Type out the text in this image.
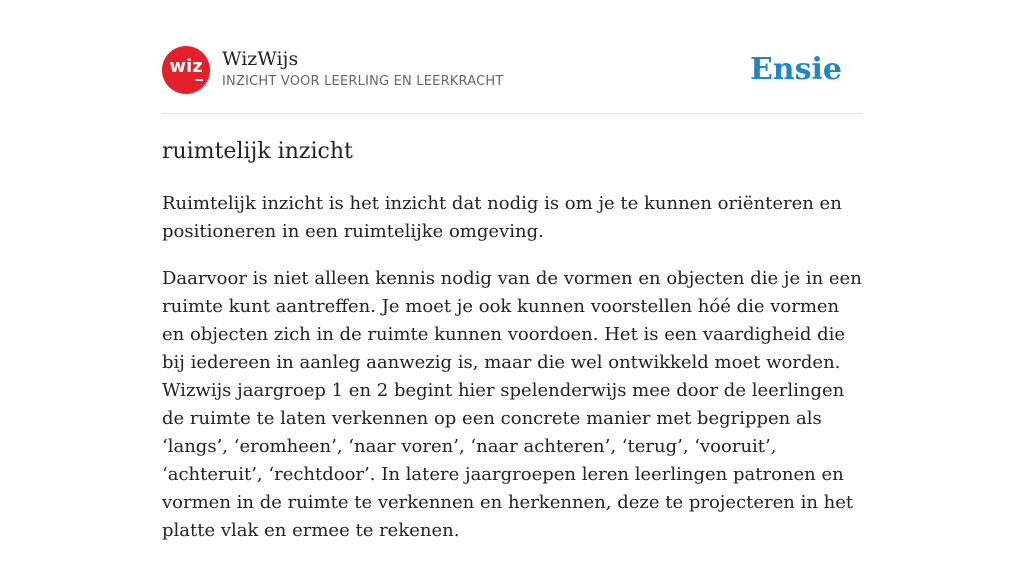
wiz	WizWijs
INZICHT VOOR LEERLING EN LEERKRACHT	Ensie
ruimtelijk inzicht

Ruimtelijk inzicht is het inzicht dat nodig is om je te kunnen oriënteren en positioneren in een ruimtelijke omgeving.

Daarvoor is niet alleen kennis nodig van de vormen en objecten die je in een ruimte kunt aantreffen. Je moet je ook kunnen voorstellen hóé die vormen en objecten zich in de ruimte kunnen voordoen. Het is een vaardigheid die bij iedereen in aanleg aanwezig is, maar die wel ontwikkeld moet worden. Wizwijs jaargroep 1 en 2 begint hier spelenderwijs mee door de leerlingen de ruimte te laten verkennen op een concrete manier met begrippen als ‘langs’, ‘eromheen’, ‘naar voren’, ‘naar achteren’, ‘terug’, ‘vooruit’, ‘achteruit’, ‘rechtdoor’. In latere jaargroepen leren leerlingen patronen en vormen in de ruimte te verkennen en herkennen, deze te projecteren in het platte vlak en ermee te rekenen.
